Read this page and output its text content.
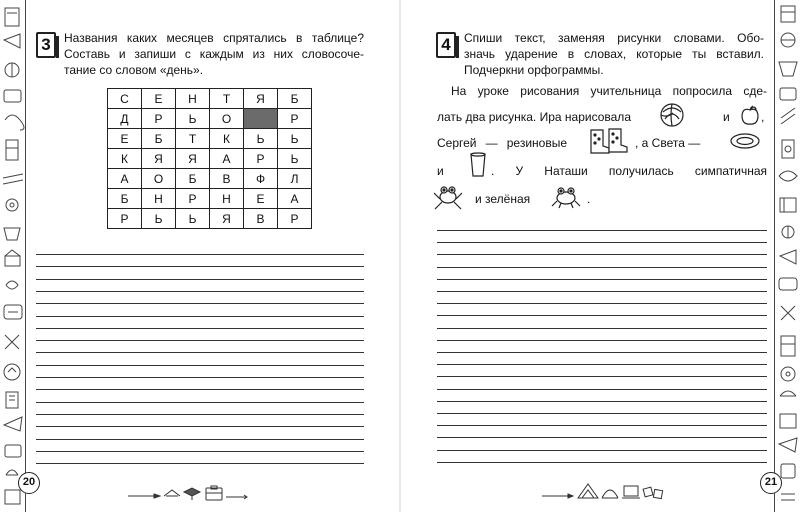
3	Названия каких месяцев спрятались в таблице?
Составь и запиши с каждым из них словосоче-
тание со словом «день».
С	Е	Н	Т	Я	Б
Д	Р	Ь	О		Р
Е	Б	Т	К	Ь	Ь
К	Я	Я	А	Р	Ь
А	О	Б	В	Ф	Л
Б	Н	Р	Н	Е	А
Р	Ь	Ь	Я	В	Р
20
4	Спиши текст, заменяя рисунки словами. Обо-
значь ударение в словах, которые ты вставил.
Подчеркни орфограммы.
На уроке рисования учительница попросила сде-
лать два рисунка. Ира нарисовала	и	,
Сергей — резиновые	, а Света —
и	. У Наташи получилась симпатичная
и зелёная	.
21
